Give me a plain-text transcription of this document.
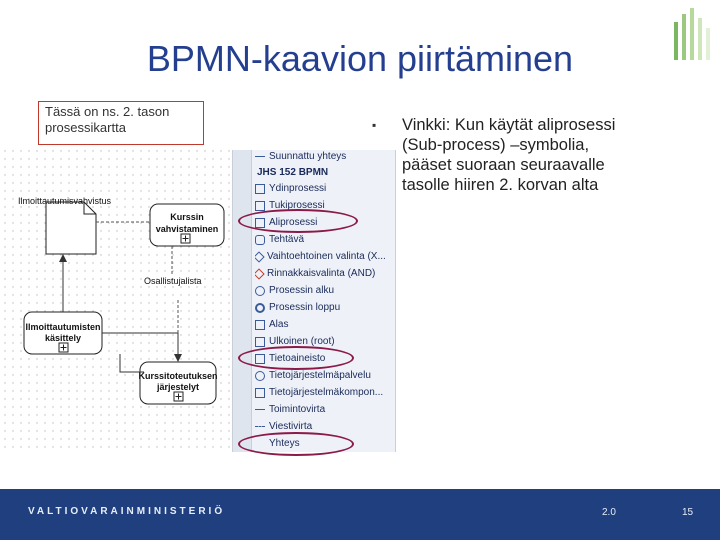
BPMN-kaavion piirtäminen
Ilmoittautumisvahvistus
Kurssin
vahvistaminen
Osallistujalista
Ilmoittautumisten
käsittely
Kurssitoteutuksen
järjestelyt
Tässä on ns. 2. tason
prosessikartta
Suunnattu yhteys
JHS 152 BPMN
Ydinprosessi
Tukiprosessi
Aliprosessi
Tehtävä
Vaihtoehtoinen valinta (X...
Rinnakkaisvalinta (AND)
Prosessin alku
Prosessin loppu
Alas
Ulkoinen (root)
Tietoaineisto
Tietojärjestelmäpalvelu
Tietojärjestelmäkompon...
Toimintovirta
Viestivirta
Yhteys
▪ Vinkki: Kun käytät aliprosessi
(Sub-process) –symbolia,
pääset suoraan seuraavalle
tasolle hiiren 2. korvan alta
VALTIOVARAINMINISTERIÖ	2.0	15
